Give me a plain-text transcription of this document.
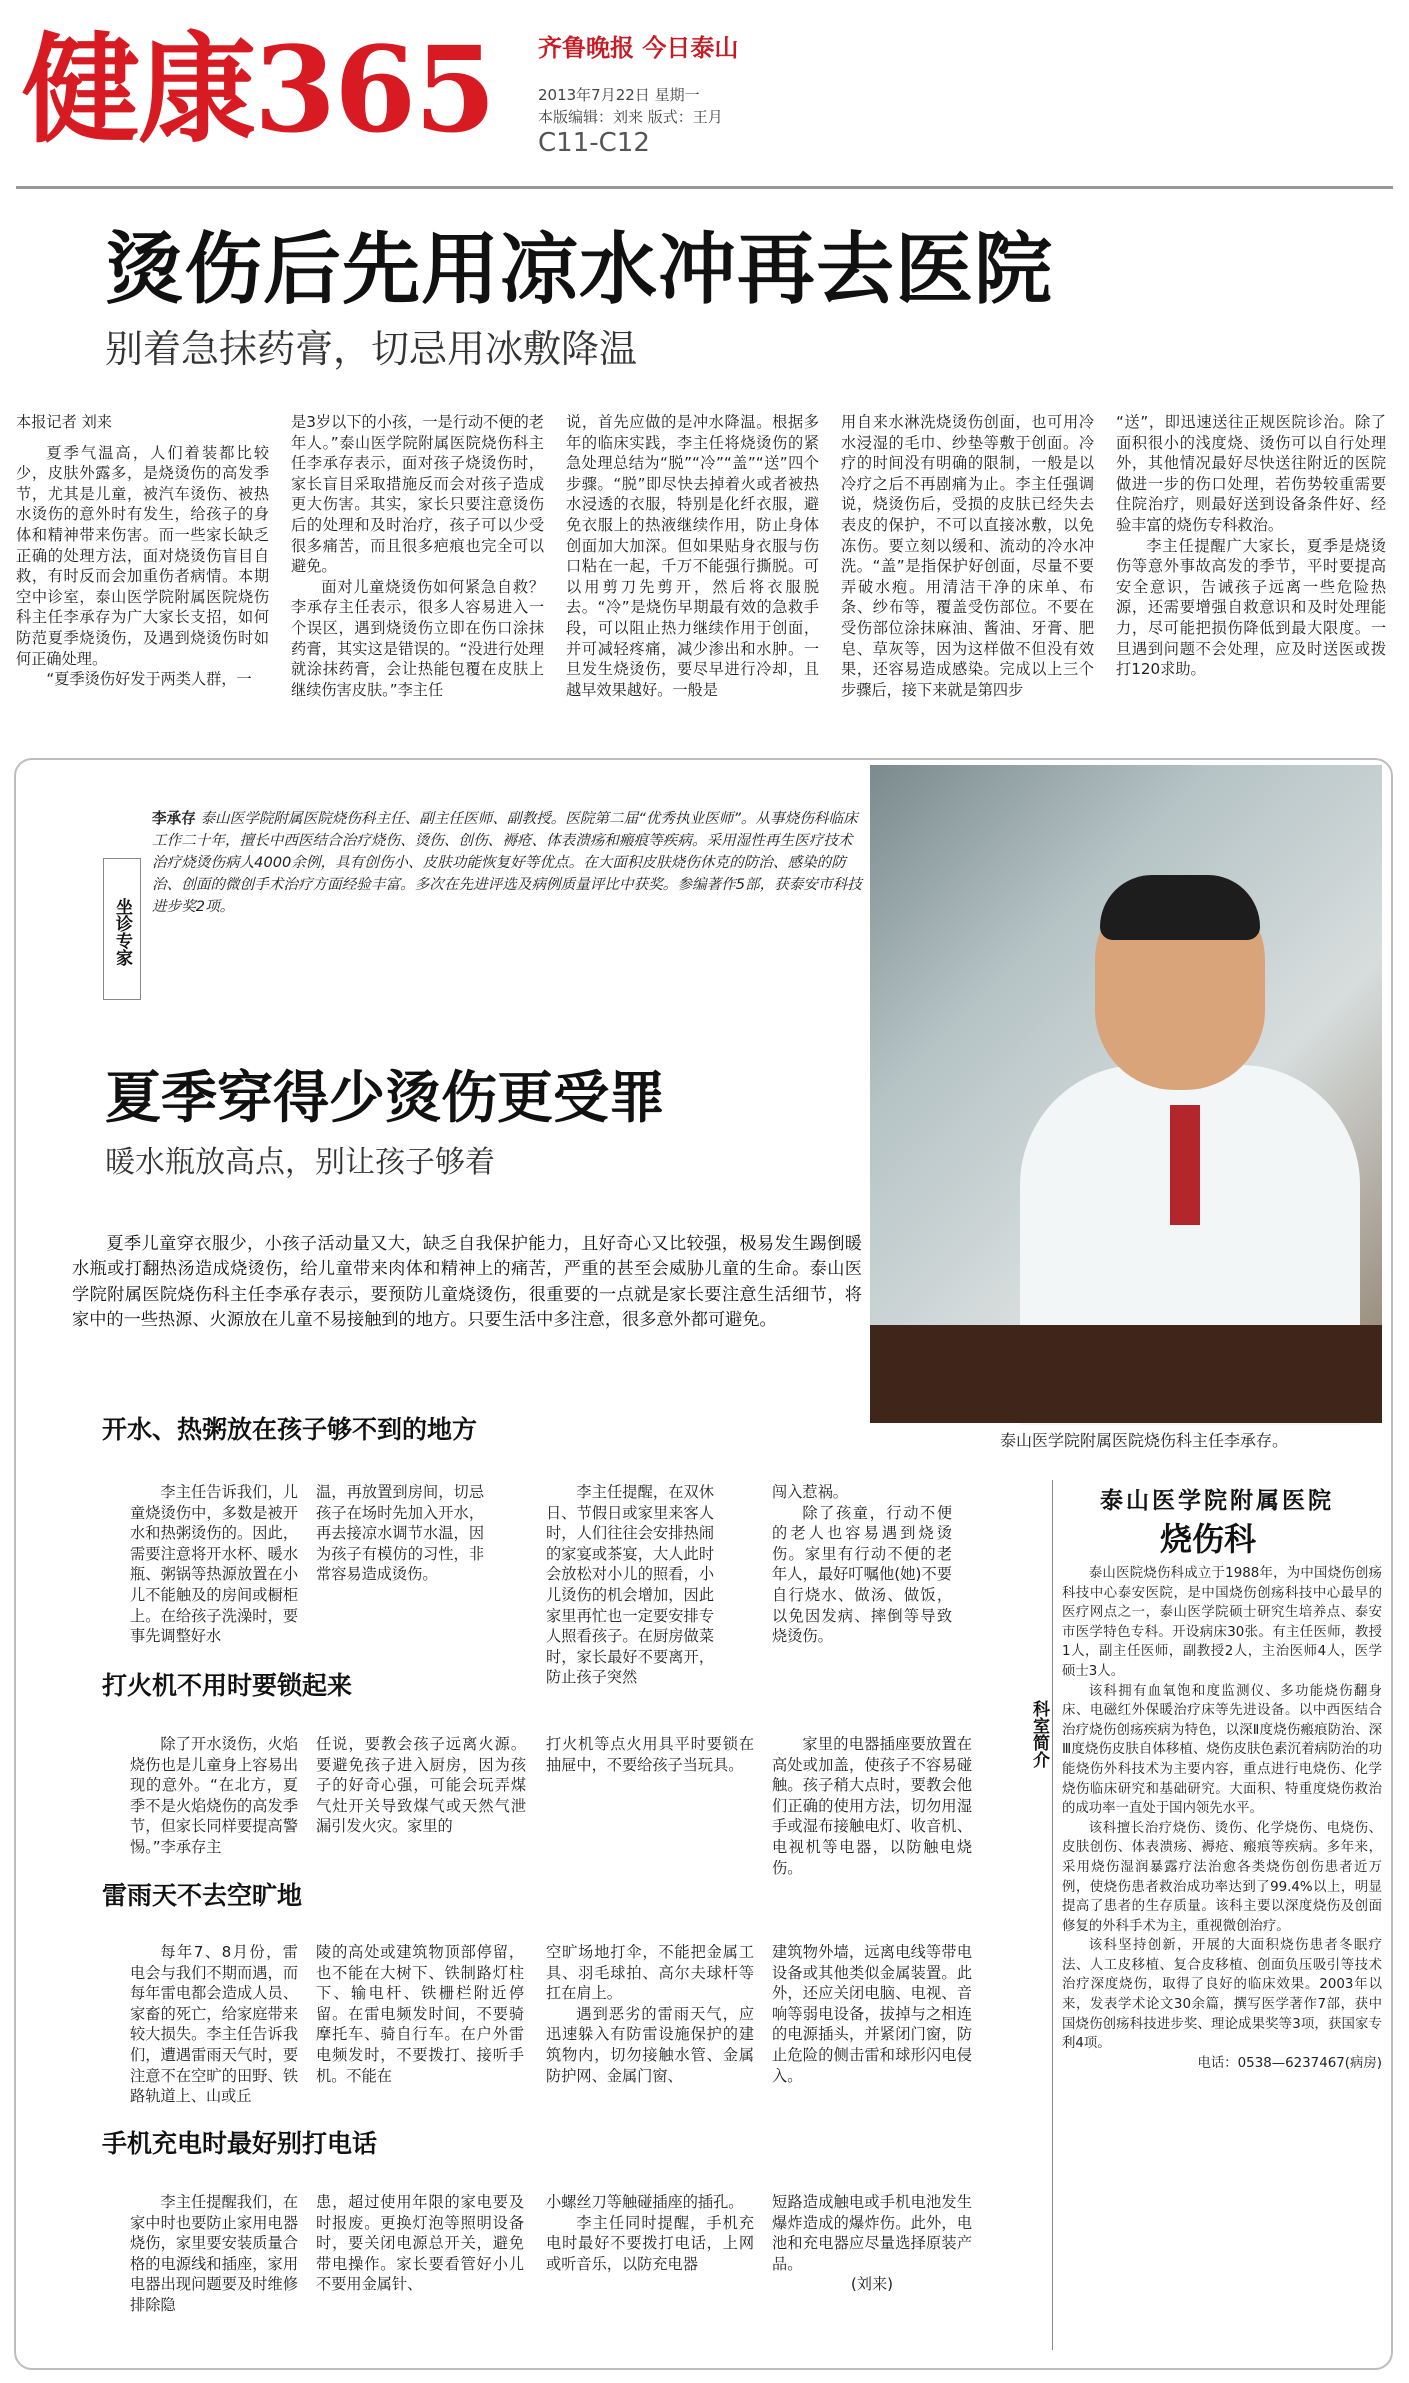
健康365	齐鲁晚报 今日泰山
2013年7月22日 星期一
本版编辑：刘来 版式：王月
C11-C12
烫伤后先用凉水冲再去医院
别着急抹药膏，切忌用冰敷降温

本报记者 刘来

夏季气温高，人们着装都比较少，皮肤外露多，是烧烫伤的高发季节，尤其是儿童，被汽车烫伤、被热水烫伤的意外时有发生，给孩子的身体和精神带来伤害。而一些家长缺乏正确的处理方法，面对烧烫伤盲目自救，有时反而会加重伤者病情。本期空中诊室，泰山医学院附属医院烧伤科主任李承存为广大家长支招，如何防范夏季烧烫伤，及遇到烧烫伤时如何正确处理。

“夏季烫伤好发于两类人群，一

是3岁以下的小孩，一是行动不便的老年人。”泰山医学院附属医院烧伤科主任李承存表示，面对孩子烧烫伤时，家长盲目采取措施反而会对孩子造成更大伤害。其实，家长只要注意烫伤后的处理和及时治疗，孩子可以少受很多痛苦，而且很多疤痕也完全可以避免。

面对儿童烧烫伤如何紧急自救？李承存主任表示，很多人容易进入一个误区，遇到烧烫伤立即在伤口涂抹药膏，其实这是错误的。“没进行处理就涂抹药膏，会让热能包覆在皮肤上继续伤害皮肤。”李主任

说，首先应做的是冲水降温。根据多年的临床实践，李主任将烧烫伤的紧急处理总结为“脱”“冷”“盖”“送”四个步骤。“脱”即尽快去掉着火或者被热水浸透的衣服，特别是化纤衣服，避免衣服上的热液继续作用，防止身体创面加大加深。但如果贴身衣服与伤口粘在一起，千万不能强行撕脱。可以用剪刀先剪开，然后将衣服脱去。“冷”是烧伤早期最有效的急救手段，可以阻止热力继续作用于创面，并可减轻疼痛，减少渗出和水肿。一旦发生烧烫伤，要尽早进行冷却，且越早效果越好。一般是

用自来水淋洗烧烫伤创面，也可用冷水浸湿的毛巾、纱垫等敷于创面。冷疗的时间没有明确的限制，一般是以冷疗之后不再剧痛为止。李主任强调说，烧烫伤后，受损的皮肤已经失去表皮的保护，不可以直接冰敷，以免冻伤。要立刻以缓和、流动的冷水冲洗。“盖”是指保护好创面，尽量不要弄破水疱。用清洁干净的床单、布条、纱布等，覆盖受伤部位。不要在受伤部位涂抹麻油、酱油、牙膏、肥皂、草灰等，因为这样做不但没有效果，还容易造成感染。完成以上三个步骤后，接下来就是第四步

“送”，即迅速送往正规医院诊治。除了面积很小的浅度烧、烫伤可以自行处理外，其他情况最好尽快送往附近的医院做进一步的伤口处理，若伤势较重需要住院治疗，则最好送到设备条件好、经验丰富的烧伤专科救治。

李主任提醒广大家长，夏季是烧烫伤等意外事故高发的季节，平时要提高安全意识，告诫孩子远离一些危险热源，还需要增强自救意识和及时处理能力，尽可能把损伤降低到最大限度。一旦遇到问题不会处理，应及时送医或拨打120求助。

泰山医学院附属医院烧伤科主任李承存。
坐诊专家
李承存 泰山医学院附属医院烧伤科主任、副主任医师、副教授。医院第二届“优秀执业医师”。从事烧伤科临床工作二十年，擅长中西医结合治疗烧伤、烫伤、创伤、褥疮、体表溃疡和瘢痕等疾病。采用湿性再生医疗技术治疗烧烫伤病人4000余例，具有创伤小、皮肤功能恢复好等优点。在大面积皮肤烧伤休克的防治、感染的防治、创面的微创手术治疗方面经验丰富。多次在先进评选及病例质量评比中获奖。参编著作5部，获泰安市科技进步奖2项。
夏季穿得少烫伤更受罪
暖水瓶放高点，别让孩子够着

夏季儿童穿衣服少，小孩子活动量又大，缺乏自我保护能力，且好奇心又比较强，极易发生踢倒暖水瓶或打翻热汤造成烧烫伤，给儿童带来肉体和精神上的痛苦，严重的甚至会威胁儿童的生命。泰山医学院附属医院烧伤科主任李承存表示，要预防儿童烧烫伤，很重要的一点就是家长要注意生活细节，将家中的一些热源、火源放在儿童不易接触到的地方。只要生活中多注意，很多意外都可避免。

开水、热粥放在孩子够不到的地方

李主任告诉我们，儿童烧烫伤中，多数是被开水和热粥烫伤的。因此，需要注意将开水杯、暖水瓶、粥锅等热源放置在小儿不能触及的房间或橱柜上。在给孩子洗澡时，要事先调整好水

温，再放置到房间，切忌孩子在场时先加入开水，再去接凉水调节水温，因为孩子有模仿的习性，非常容易造成烫伤。

李主任提醒，在双休日、节假日或家里来客人时，人们往往会安排热闹的家宴或茶宴，大人此时会放松对小儿的照看，小儿烫伤的机会增加，因此家里再忙也一定要安排专人照看孩子。在厨房做菜时，家长最好不要离开，防止孩子突然

闯入惹祸。

除了孩童，行动不便的老人也容易遇到烧烫伤。家里有行动不便的老年人，最好叮嘱他(她)不要自行烧水、做汤、做饭，以免因发病、摔倒等导致烧烫伤。

打火机不用时要锁起来

除了开水烫伤，火焰烧伤也是儿童身上容易出现的意外。“在北方，夏季不是火焰烧伤的高发季节，但家长同样要提高警惕。”李承存主

任说，要教会孩子远离火源。要避免孩子进入厨房，因为孩子的好奇心强，可能会玩弄煤气灶开关导致煤气或天然气泄漏引发火灾。家里的

打火机等点火用具平时要锁在抽屉中，不要给孩子当玩具。

家里的电器插座要放置在高处或加盖，使孩子不容易碰触。孩子稍大点时，要教会他们正确的使用方法，切勿用湿手或湿布接触电灯、收音机、电视机等电器，以防触电烧伤。

雷雨天不去空旷地

每年7、8月份，雷电会与我们不期而遇，而每年雷电都会造成人员、家畜的死亡，给家庭带来较大损失。李主任告诉我们，遭遇雷雨天气时，要注意不在空旷的田野、铁路轨道上、山或丘

陵的高处或建筑物顶部停留，也不能在大树下、铁制路灯柱下、输电杆、铁栅栏附近停留。在雷电频发时间，不要骑摩托车、骑自行车。在户外雷电频发时，不要拨打、接听手机。不能在

空旷场地打伞，不能把金属工具、羽毛球拍、高尔夫球杆等扛在肩上。

遇到恶劣的雷雨天气，应迅速躲入有防雷设施保护的建筑物内，切勿接触水管、金属防护网、金属门窗、

建筑物外墙，远离电线等带电设备或其他类似金属装置。此外，还应关闭电脑、电视、音响等弱电设备，拔掉与之相连的电源插头，并紧闭门窗，防止危险的侧击雷和球形闪电侵入。

手机充电时最好别打电话

李主任提醒我们，在家中时也要防止家用电器烧伤，家里要安装质量合格的电源线和插座，家用电器出现问题要及时维修排除隐

患，超过使用年限的家电要及时报废。更换灯泡等照明设备时，要关闭电源总开关，避免带电操作。家长要看管好小儿不要用金属针、

小螺丝刀等触碰插座的插孔。

李主任同时提醒，手机充电时最好不要拨打电话，上网或听音乐，以防充电器

短路造成触电或手机电池发生爆炸造成的爆炸伤。此外，电池和充电器应尽量选择原装产品。

(刘来)

泰山医学院附属医院
烧伤科
科室简介

泰山医院烧伤科成立于1988年，为中国烧伤创疡科技中心泰安医院，是中国烧伤创疡科技中心最早的医疗网点之一，泰山医学院硕士研究生培养点、泰安市医学特色专科。开设病床30张。有主任医师，教授1人，副主任医师，副教授2人，主治医师4人，医学硕士3人。

该科拥有血氧饱和度监测仪、多功能烧伤翻身床、电磁红外保暖治疗床等先进设备。以中西医结合治疗烧伤创疡疾病为特色，以深Ⅱ度烧伤瘢痕防治、深Ⅲ度烧伤皮肤自体移植、烧伤皮肤色素沉着病防治的功能烧伤外科技术为主要内容，重点进行电烧伤、化学烧伤临床研究和基础研究。大面积、特重度烧伤救治的成功率一直处于国内领先水平。

该科擅长治疗烧伤、烫伤、化学烧伤、电烧伤、皮肤创伤、体表溃疡、褥疮、瘢痕等疾病。多年来，采用烧伤湿润暴露疗法治愈各类烧伤创伤患者近万例，使烧伤患者救治成功率达到了99.4%以上，明显提高了患者的生存质量。该科主要以深度烧伤及创面修复的外科手术为主，重视微创治疗。

该科坚持创新，开展的大面积烧伤患者冬眠疗法、人工皮移植、复合皮移植、创面负压吸引等技术治疗深度烧伤，取得了良好的临床效果。2003年以来，发表学术论文30余篇，撰写医学著作7部，获中国烧伤创疡科技进步奖、理论成果奖等3项，获国家专利4项。

电话：0538—6237467(病房)
